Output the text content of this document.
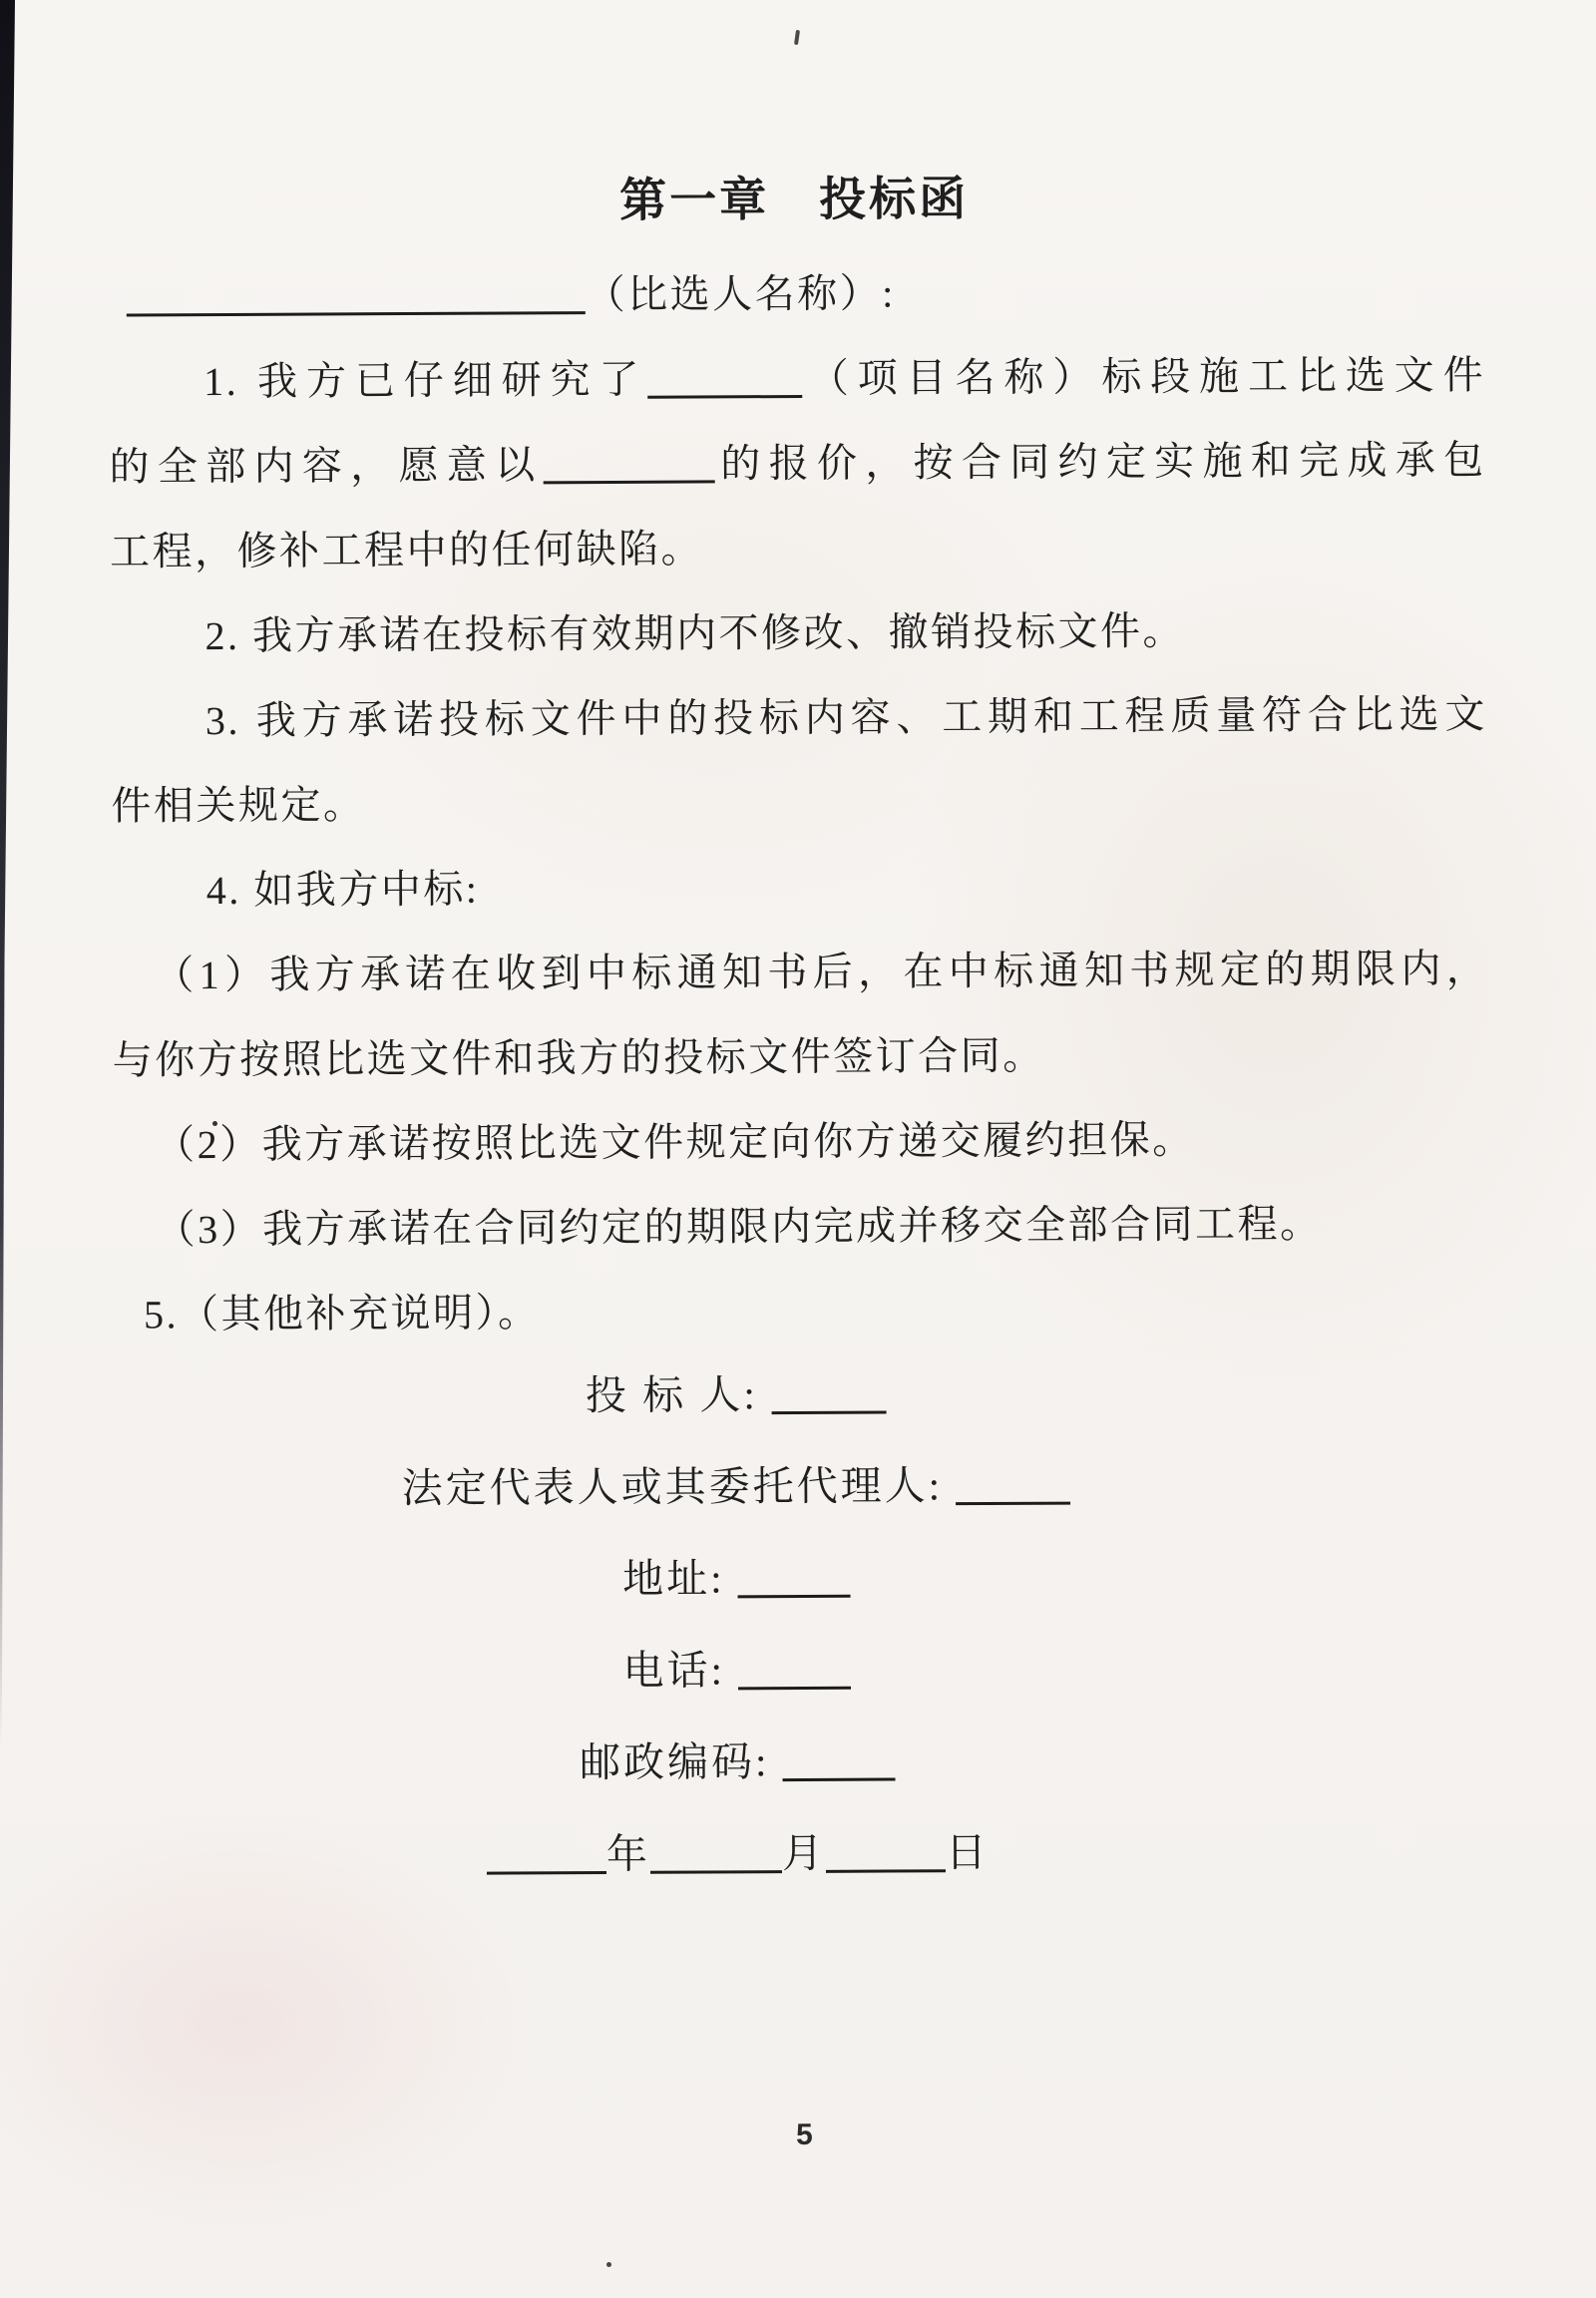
第一章　投标函
（比选人名称）:
1. 我方已仔细研究了	（项目名称）标段施工比选文件
的全部内容，愿意以	的报价，按合同约定实施和完成承包
工程，修补工程中的任何缺陷。
2. 我方承诺在投标有效期内不修改、撤销投标文件。
3. 我方承诺投标文件中的投标内容、工期和工程质量符合比选文
件相关规定。
4. 如我方中标:
（1）我方承诺在收到中标通知书后，在中标通知书规定的期限内，
与你方按照比选文件和我方的投标文件签订合同。
（2）我方承诺按照比选文件规定向你方递交履约担保。
（3）我方承诺在合同约定的期限内完成并移交全部合同工程。
5.（其他补充说明）。
投 标 人:
法定代表人或其委托代理人:
地址:
电话:
邮政编码:
年	月	日
5
